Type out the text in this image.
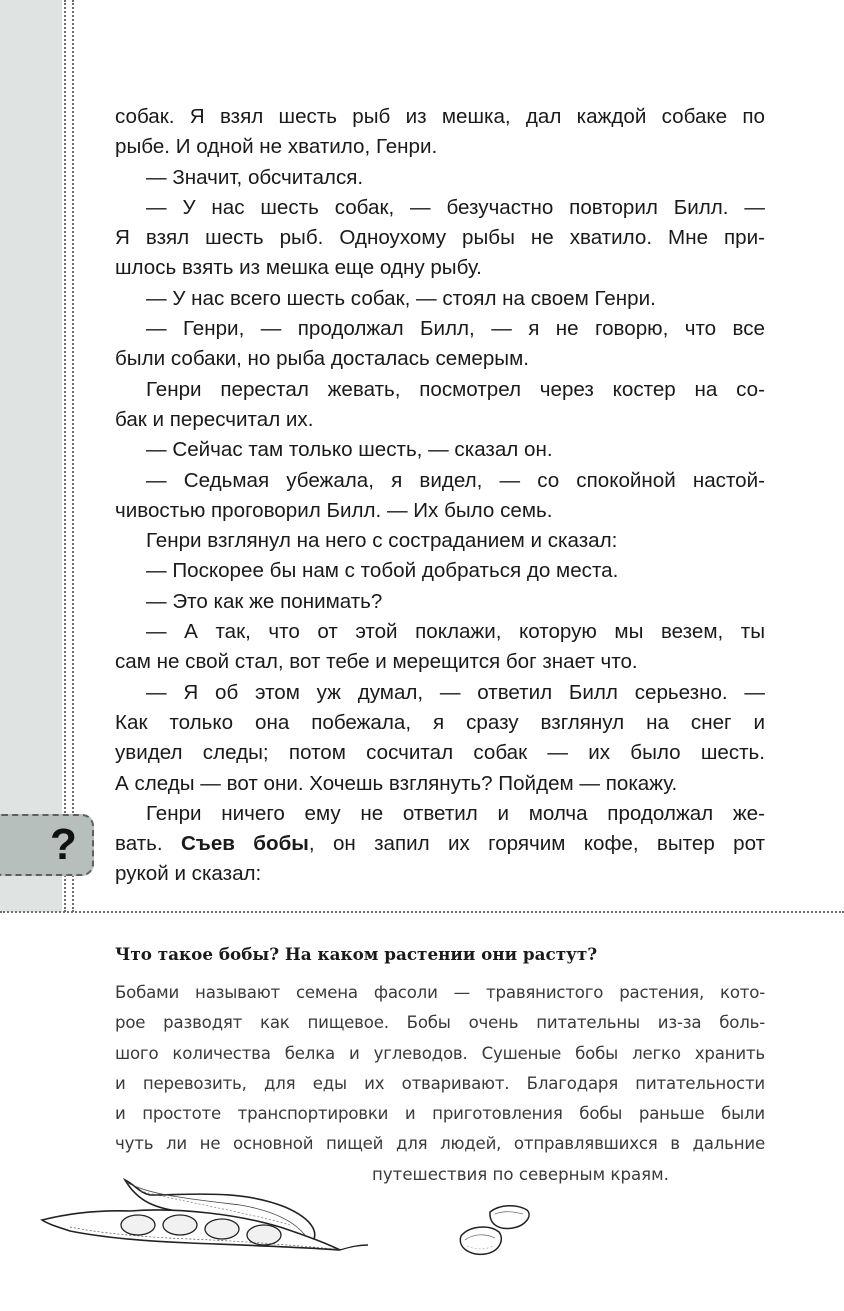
?
собак. Я взял шесть рыб из мешка, дал каждой собаке по
рыбе. И одной не хватило, Генри.
— Значит, обсчитался.
— У нас шесть собак, — безучастно повторил Билл. —
Я взял шесть рыб. Одноухому рыбы не хватило. Мне при-
шлось взять из мешка еще одну рыбу.
— У нас всего шесть собак, — стоял на своем Генри.
— Генри, — продолжал Билл, — я не говорю, что все
были собаки, но рыба досталась семерым.
Генри перестал жевать, посмотрел через костер на со-
бак и пересчитал их.
— Сейчас там только шесть, — сказал он.
— Седьмая убежала, я видел, — со спокойной настой-
чивостью проговорил Билл. — Их было семь.
Генри взглянул на него с состраданием и сказал:
— Поскорее бы нам с тобой добраться до места.
— Это как же понимать?
— А так, что от этой поклажи, которую мы везем, ты
сам не свой стал, вот тебе и мерещится бог знает что.
— Я об этом уж думал, — ответил Билл серьезно. —
Как только она побежала, я сразу взглянул на снег и
увидел следы; потом сосчитал собак — их было шесть.
А следы — вот они. Хочешь взглянуть? Пойдем — покажу.
Генри ничего ему не ответил и молча продолжал же-
вать. Съев бобы, он запил их горячим кофе, вытер рот
рукой и сказал:
Что такое бобы? На каком растении они растут?
Бобами называют семена фасоли — травянистого растения, кото-
рое разводят как пищевое. Бобы очень питательны из-за боль-
шого количества белка и углеводов. Сушеные бобы легко хранить
и перевозить, для еды их отваривают. Благодаря питательности
и простоте транспортировки и приготовления бобы раньше были
чуть ли не основной пищей для людей, отправлявшихся в дальние
путешествия по северным краям.
